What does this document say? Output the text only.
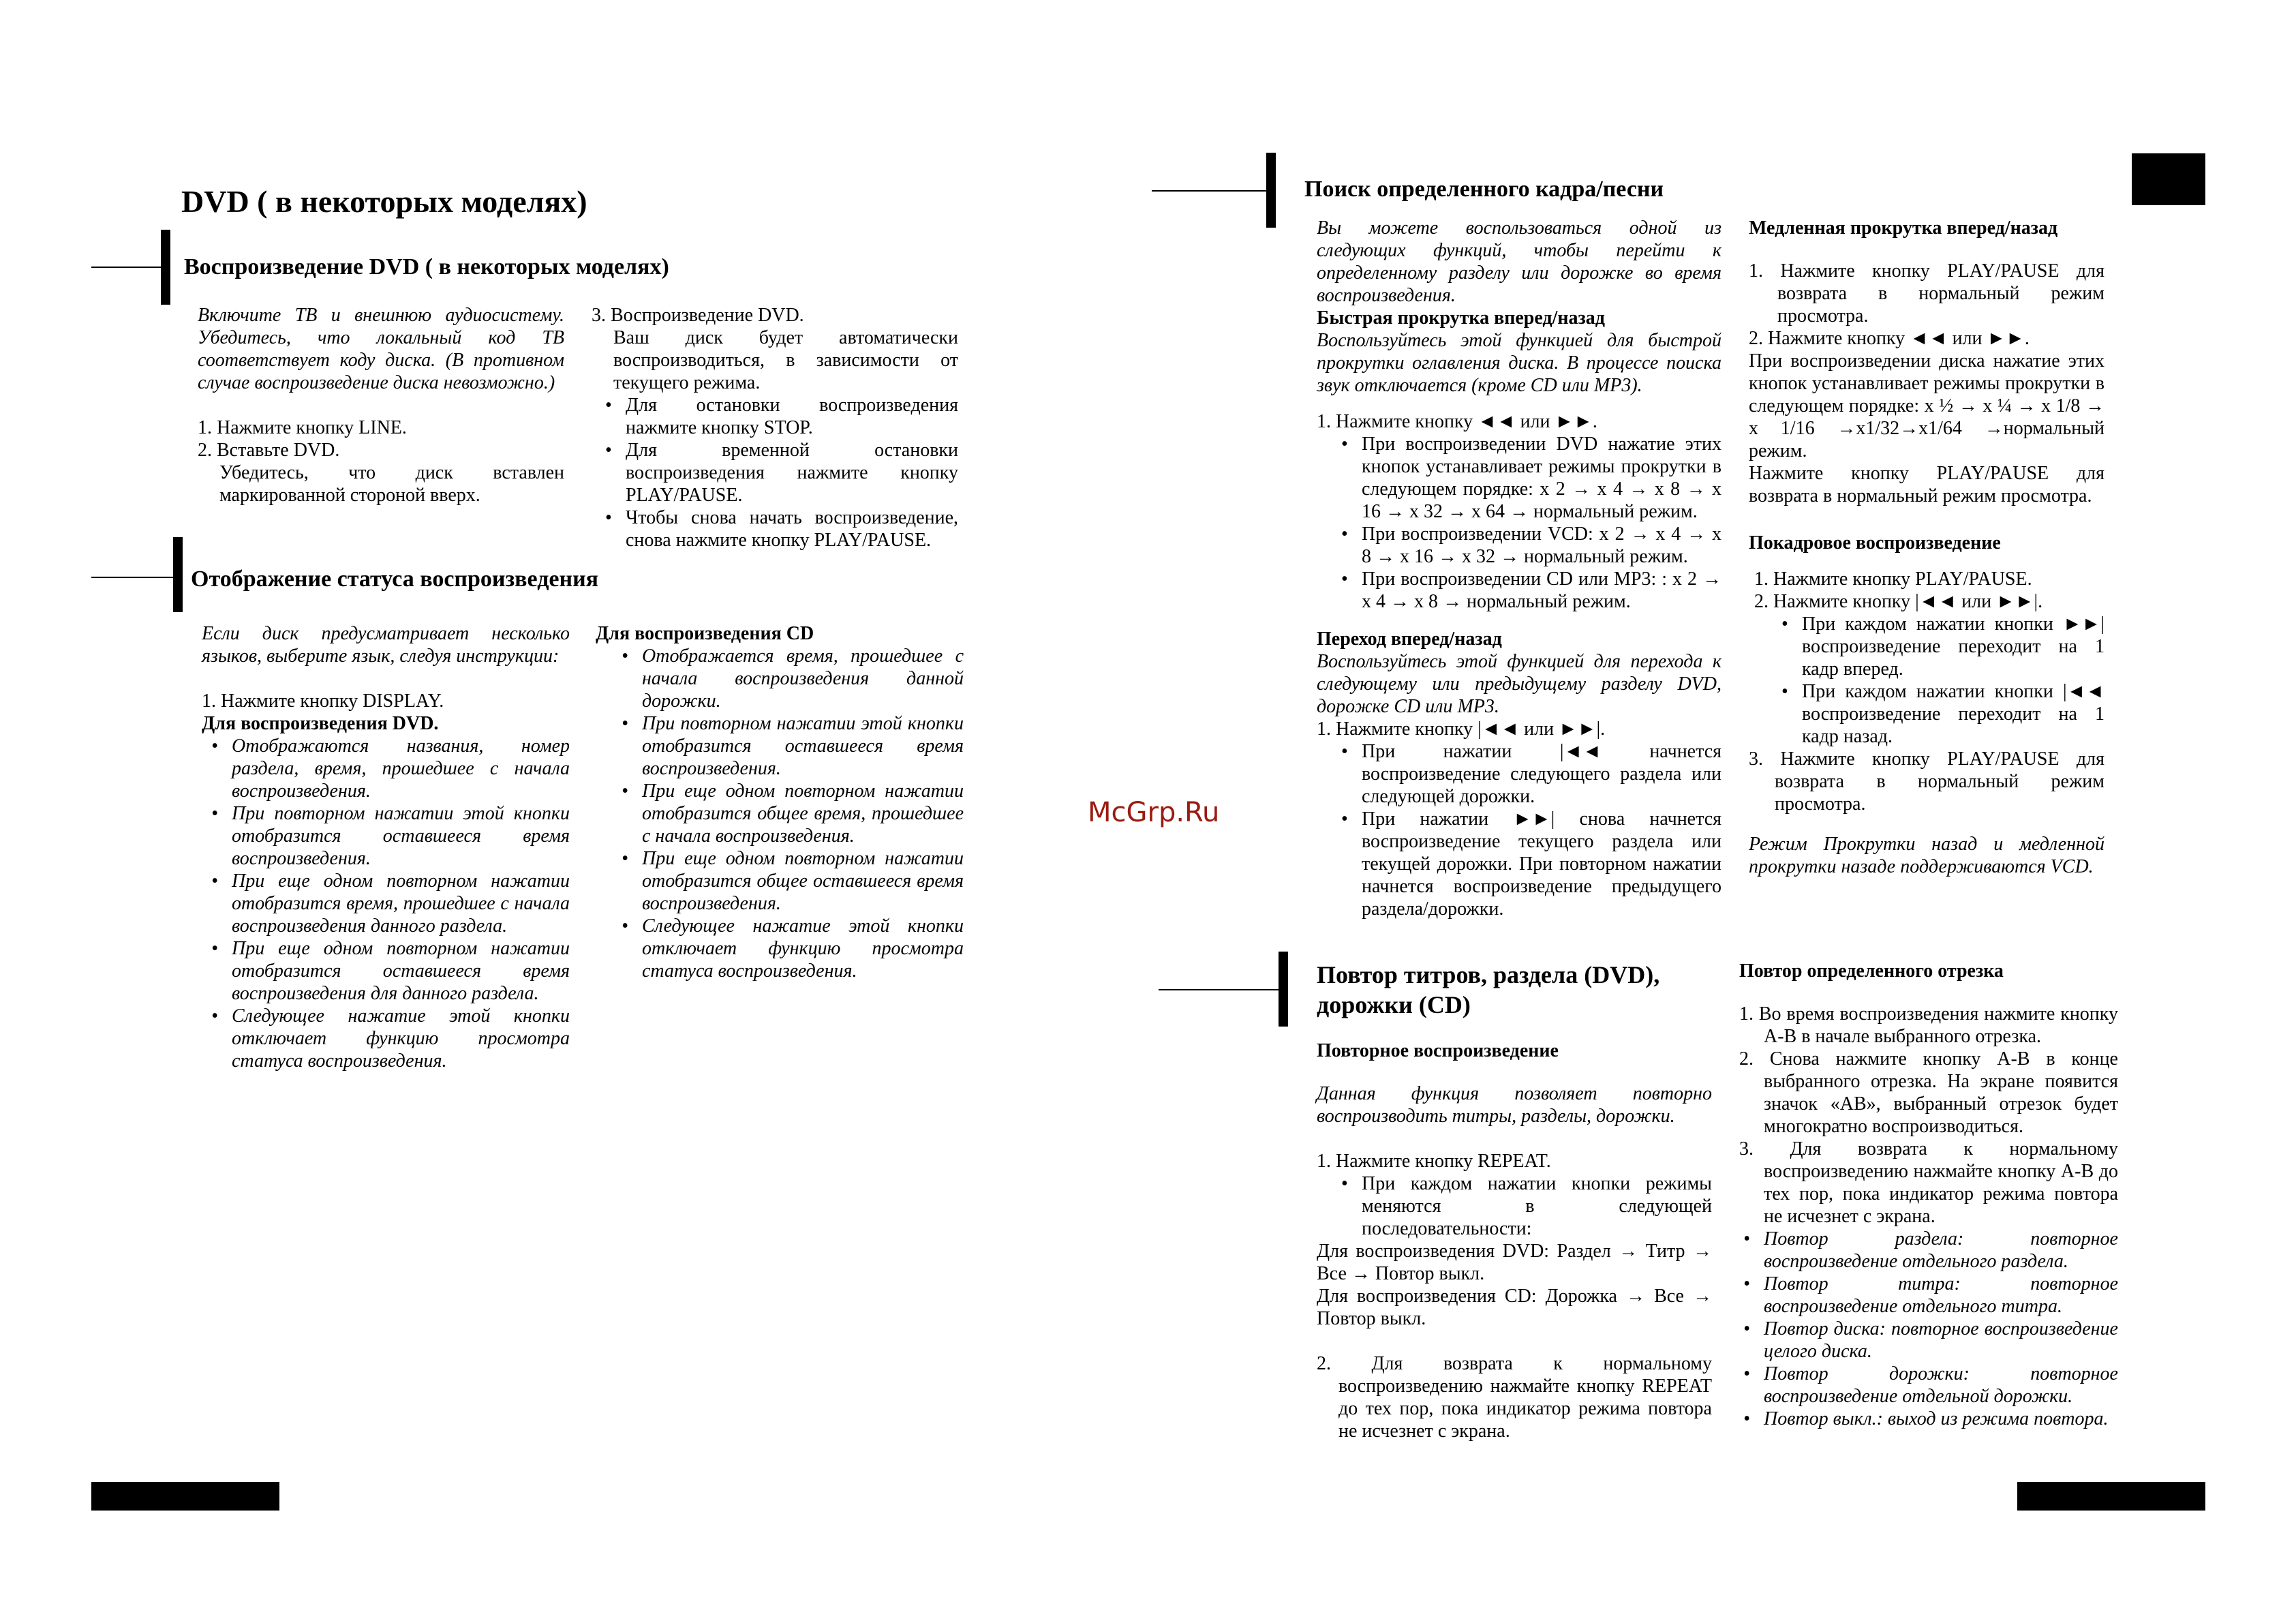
DVD ( в некоторых моделях)
Воспроизведение DVD ( в некоторых моделях)
Включите ТВ и внешнюю аудиосистему. Убедитесь, что локальный код ТВ соответствует коду диска. (В противном случае воспроизведение диска невозможно.)
1. Нажмите кнопку LINE.
2. Вставьте DVD.
Убедитесь, что диск вставлен маркированной стороной вверх.
3. Воспроизведение DVD.
Ваш диск будет автоматически воспроизводиться, в зависимости от текущего режима.
• Для остановки воспроизведения нажмите кнопку STOP.
• Для временной остановки воспроизведения нажмите кнопку PLAY/PAUSE.
• Чтобы снова начать воспроизведение, снова нажмите кнопку PLAY/PAUSE.
Отображение статуса воспроизведения
Если диск предусматривает несколько языков, выберите язык, следуя инструкции:
1. Нажмите кнопку DISPLAY.
Для воспроизведения DVD.
• Отображаются названия, номер раздела, время, прошедшее с начала воспроизведения.
• При повторном нажатии этой кнопки отобразится оставшееся время воспроизведения.
• При еще одном повторном нажатии отобразится время, прошедшее с начала воспроизведения данного раздела.
• При еще одном повторном нажатии отобразится оставшееся время воспроизведения для данного раздела.
• Следующее нажатие этой кнопки отключает функцию просмотра статуса воспроизведения.
Для воспроизведения CD
• Отображается время, прошедшее с начала воспроизведения данной дорожки.
• При повторном нажатии этой кнопки отобразится оставшееся время воспроизведения.
• При еще одном повторном нажатии отобразится общее время, прошедшее с начала воспроизведения.
• При еще одном повторном нажатии отобразится общее оставшееся время воспроизведения.
• Следующее нажатие этой кнопки отключает функцию просмотра статуса воспроизведения.
McGrp.Ru
Поиск определенного кадра/песни
Вы можете воспользоваться одной из следующих функций, чтобы перейти к определенному разделу или дорожке во время воспроизведения.
Быстрая прокрутка вперед/назад
Воспользуйтесь этой функцией для быстрой прокрутки оглавления диска. В процессе поиска звук отключается (кроме CD или MP3).
1. Нажмите кнопку ◄◄ или ►►.
• При воспроизведении DVD нажатие этих кнопок устанавливает режимы прокрутки в следующем порядке: x 2 → x 4 → x 8 → x 16 → x 32 → x 64 → нормальный режим.
• При воспроизведении VCD: x 2 → x 4 → x 8 → x 16 → x 32 → нормальный режим.
• При воспроизведении CD или MP3: : x 2 → x 4 → x 8 → нормальный режим.
Переход вперед/назад
Воспользуйтесь этой функцией для перехода к следующему или предыдущему разделу DVD, дорожке CD или MP3.
1. Нажмите кнопку |◄◄ или ►►|.
• При нажатии |◄◄ начнется воспроизведение следующего раздела или следующей дорожки.
• При нажатии ►►| снова начнется воспроизведение текущего раздела или текущей дорожки. При повторном нажатии начнется воспроизведение предыдущего раздела/дорожки.
Медленная прокрутка вперед/назад
1. Нажмите кнопку PLAY/PAUSE для возврата в нормальный режим просмотра.
2. Нажмите кнопку ◄◄ или ►►.
При воспроизведении диска нажатие этих кнопок устанавливает режимы прокрутки в следующем порядке: x ½ → x ¼ → x 1/8 → x 1/16 →x1/32→x1/64 →нормальный режим.
Нажмите кнопку PLAY/PAUSE для возврата в нормальный режим просмотра.
Покадровое воспроизведение
1. Нажмите кнопку PLAY/PAUSE.
2. Нажмите кнопку |◄◄ или ►►|.
• При каждом нажатии кнопки ►►| воспроизведение переходит на 1 кадр вперед.
• При каждом нажатии кнопки |◄◄ воспроизведение переходит на 1 кадр назад.
3. Нажмите кнопку PLAY/PAUSE для возврата в нормальный режим просмотра.
Режим Прокрутки назад и медленной прокрутки назаде поддерживаются VCD.
Повтор титров, раздела (DVD), дорожки (CD)
Повторное воспроизведение
Данная функция позволяет повторно воспроизводить титры, разделы, дорожки.
1. Нажмите кнопку REPEAT.
• При каждом нажатии кнопки режимы меняются в следующей последовательности:
Для воспроизведения DVD: Раздел → Титр → Все → Повтор выкл.
Для воспроизведения CD: Дорожка → Все → Повтор выкл.
2. Для возврата к нормальному воспроизведению нажмайте кнопку REPEAT до тех пор, пока индикатор режима повтора не исчезнет с экрана.
Повтор определенного отрезка
1. Во время воспроизведения нажмите кнопку A-B в начале выбранного отрезка.
2. Снова нажмите кнопку A-B в конце выбранного отрезка. На экране появится значок «AB», выбранный отрезок будет многократно воспроизводиться.
3. Для возврата к нормальному воспроизведению нажмайте кнопку A-B до тех пор, пока индикатор режима повтора не исчезнет с экрана.
• Повтор раздела: повторное воспроизведение отдельного раздела.
• Повтор титра: повторное воспроизведение отдельного титра.
• Повтор диска: повторное воспроизведение целого диска.
• Повтор дорожки: повторное воспроизведение отдельной дорожки.
• Повтор выкл.: выход из режима повтора.
